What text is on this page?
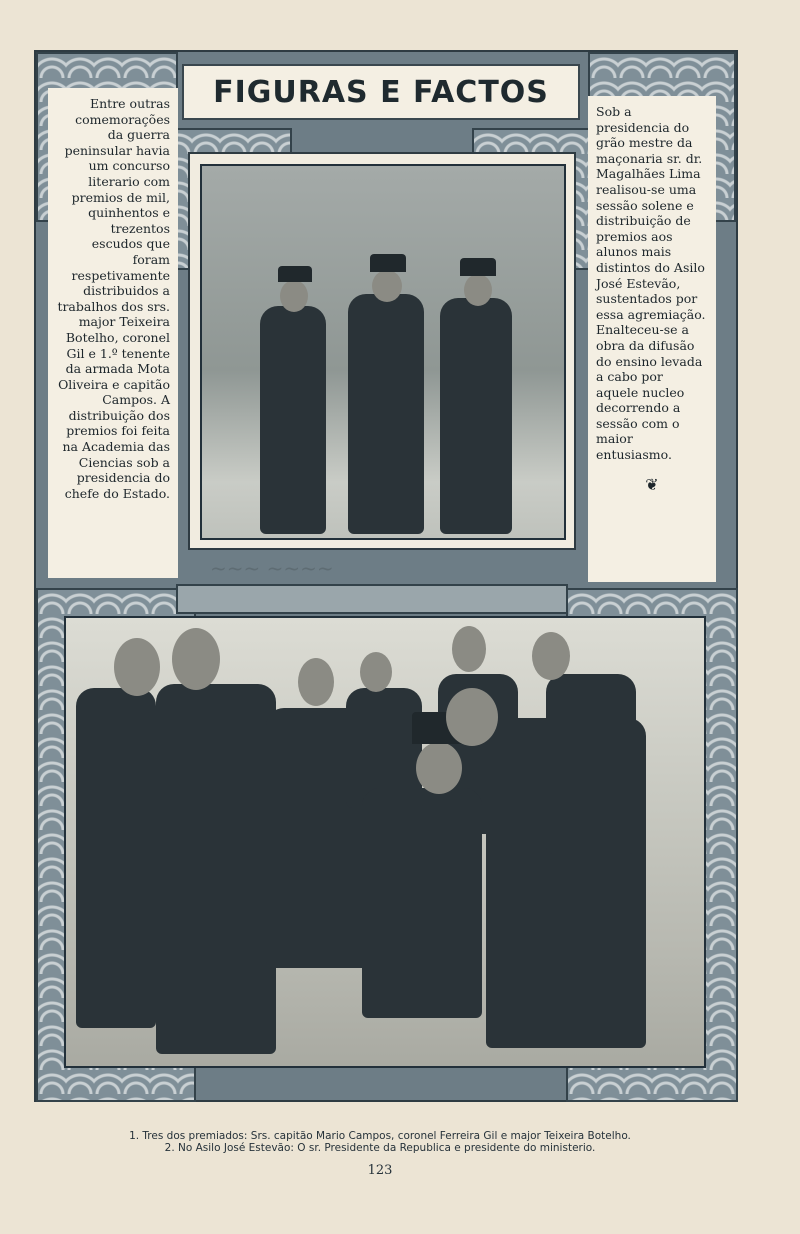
FIGURAS E FACTOS

Entre outras comemorações da guerra peninsular havia um concurso literario com premios de mil, quinhentos e trezentos escudos que foram respetivamente distribuidos a trabalhos dos srs. major Teixeira Botelho, coronel Gil e 1.º tenente da armada Mota Oliveira e capitão Campos. A distribuição dos premios foi feita na Academia das Ciencias sob a presidencia do chefe do Estado.

Sob a presidencia do grão mestre da maçonaria sr. dr. Magalhães Lima realisou-se uma sessão solene e distribuição de premios aos alunos mais distintos do Asilo José Estevão, sustentados por essa agremiação.

Enalteceu-se a obra da difusão do ensino levada a cabo por aquele nucleo decorrendo a sessão com o maior entusiasmo.

❦
~~~ ~~~~
1. Tres dos premiados: Srs. capitão Mario Campos, coronel Ferreira Gil e major Teixeira Botelho.
2. No Asilo José Estevão: O sr. Presidente da Republica e presidente do ministerio.
123
